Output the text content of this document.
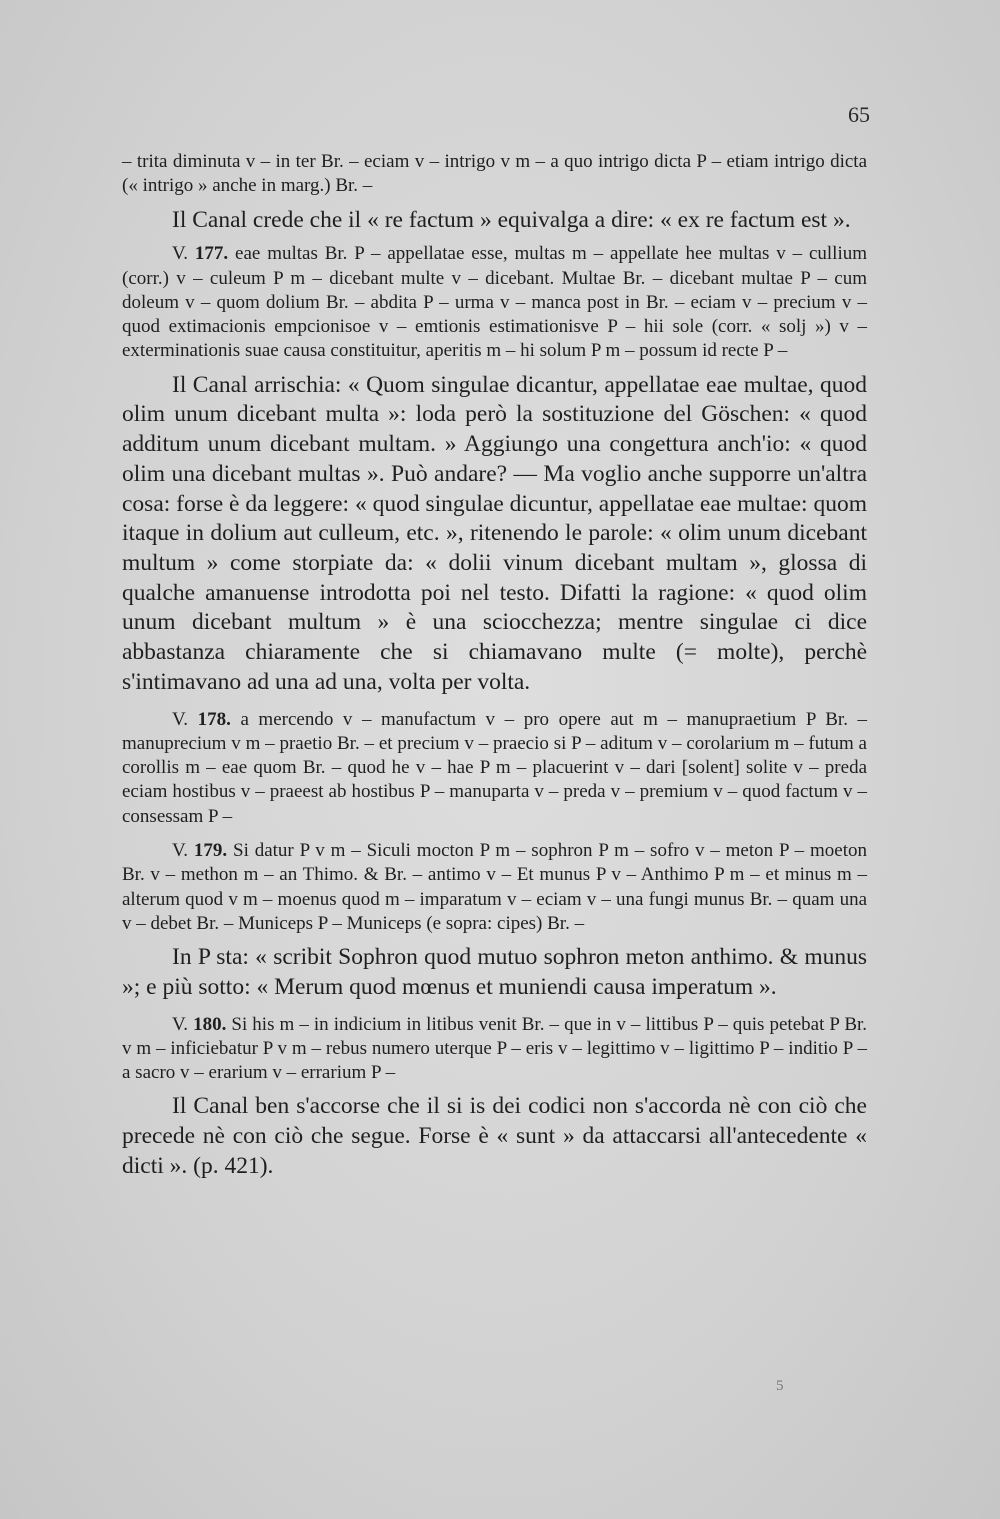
65

– trita diminuta v – in ter Br. – eciam v – intrigo v m – a quo intrigo dicta P – etiam intrigo dicta (« intrigo » anche in marg.) Br. –

Il Canal crede che il « re factum » equivalga a dire: « ex re factum est ».

V. 177. eae multas Br. P – appellatae esse, multas m – appellate hee multas v – cullium (corr.) v – culeum P m – dicebant multe v – dicebant. Multae Br. – dicebant multae P – cum doleum v – quom dolium Br. – abdita P – urma v – manca post in Br. – eciam v – precium v – quod extimacionis empcionisoe v – emtionis estimationisve P – hii sole (corr. « solj ») v – exterminationis suae causa constituitur, aperitis m – hi solum P m – possum id recte P –

Il Canal arrischia: « Quom singulae dicantur, appellatae eae multae, quod olim unum dicebant multa »: loda però la sostituzione del Göschen: « quod additum unum dicebant multam. » Aggiungo una congettura anch'io: « quod olim una dicebant multas ». Può andare? — Ma voglio anche supporre un'altra cosa: forse è da leggere: « quod singulae dicuntur, appellatae eae multae: quom itaque in dolium aut culleum, etc. », ritenendo le parole: « olim unum dicebant multum » come storpiate da: « dolii vinum dicebant multam », glossa di qualche amanuense introdotta poi nel testo. Difatti la ragione: « quod olim unum dicebant multum » è una sciocchezza; mentre singulae ci dice abbastanza chiaramente che si chiamavano multe (= molte), perchè s'intimavano ad una ad una, volta per volta.

V. 178. a mercendo v – manufactum v – pro opere aut m – manupraetium P Br. – manuprecium v m – praetio Br. – et precium v – praecio si P – aditum v – corolarium m – futum a corollis m – eae quom Br. – quod he v – hae P m – placuerint v – dari [solent] solite v – preda eciam hostibus v – praeest ab hostibus P – manuparta v – preda v – premium v – quod factum v – consessam P –

V. 179. Si datur P v m – Siculi mocton P m – sophron P m – sofro v – meton P – moeton Br. v – methon m – an Thimo. & Br. – antimo v – Et munus P v – Anthimo P m – et minus m – alterum quod v m – moenus quod m – imparatum v – eciam v – una fungi munus Br. – quam una v – debet Br. – Municeps P – Municeps (e sopra: cipes) Br. –

In P sta: « scribit Sophron quod mutuo sophron meton anthimo. & munus »; e più sotto: « Merum quod mœnus et muniendi causa imperatum ».

V. 180. Si his m – in indicium in litibus venit Br. – que in v – littibus P – quis petebat P Br. v m – inficiebatur P v m – rebus numero uterque P – eris v – legittimo v – ligittimo P – inditio P – a sacro v – erarium v – errarium P –

Il Canal ben s'accorse che il si is dei codici non s'accorda nè con ciò che precede nè con ciò che segue. Forse è « sunt » da attaccarsi all'antecedente « dicti ». (p. 421).

5
